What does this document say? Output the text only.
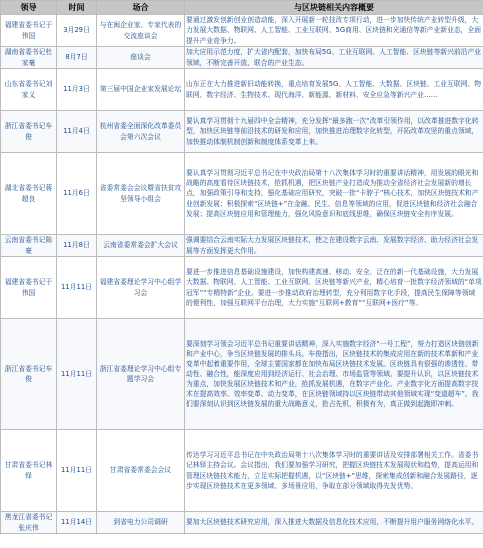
领导	时间	场合	与区块链相关内容概要
福建省委书记于伟国	3月29日	与在闽企业家、专家代表的交流座谈会	要通过激发创新创业创造动能，深入开展新一轮技改专项行动，进一步加快传统产业转型升级，大力发展大数据、物联网、人工智能、工业互联网、5G商用、区块链和光通信等新产业新业态，全面提升产业竞争力。
湖南省委书记杜家毫	8月7日	座谈会	加大应用示范力度，扩大省内配套，加快布局5G、工业互联网、人工智能、区块链等新兴前沿产业领域，不断完善开放、联合的产业生态。
山东省委书记刘家义	11月3日	第三届中国企业家发展论坛	山东正在大力推进新旧动能转换，重点培育发展5G、人工智能、大数据、区块链、工业互联网、物联网、数字经济、生物技术、现代海洋、新能源、新材料、安全应急等新兴产业……
浙江省委书记车俊	11月4日	杭州省委全面深化改革委员会第六次会议	要认真学习贯彻十九届四中全会精神，充分发挥“最多跑一次”改革引领作用，以改革推进数字化转型，加快区块链等前沿技术的研发和应用，加快推进治理数字化转型，开拓改革攻坚的重点领域，加快推动体制机制创新和制度体系变革上来。
湖北省委书记蒋超良	11月6日	省委常委会会议暨省扶贫攻坚领导小组会	要认真学习贯彻习近平总书记在中央政治局第十八次集体学习时的重要讲话精神，用发展的眼光和战略的高度看待区块链技术，抢抓机遇，把区块链产业打造成为推动全省经济社会发展新的增长点，加强政策引导和支持，强化基础应用研究，突破一批“卡脖子”核心技术，加快区块链技术和产业创新发展；积极探索“区块链+”在金融、民生、信息等领域的应用，促进区块链和经济社会融合发展；提高区块链应用和管理能力，强化风险意识和底线思维，确保区块链安全有序发展。
云南省委书记陈豪	11月8日	云南省委常委会扩大会议	强调要结合云南实际大力发展区块链技术，使之在建设数字云南、发展数字经济、助力经济社会发展等方面发挥更大作用。
福建省委书记于伟国	11月11日	福建省委理论学习中心组学习会	要进一步推进信息基础设施建设，加快构建高速、移动、安全、泛在的新一代基础设施，大力发展大数据、物联网、人工智能、工业互联网、区块链等新兴产业，精心培育一批数字经济领域的“单项冠军”“专精特新”企业。要进一步推动政府治理转型，充分利用数字化手段，提高民生保障等领域的便利性，加强互联网平台治理，大力实施“互联网+教育”“互联网+医疗”等。
浙江省委书记车俊	11月11日	浙江省委理论学习中心组专题学习会	要深刻学习领会习近平总书记重要讲话精神，深入实施数字经济“一号工程”，努力打造区块链创新和产业中心，争当区块链发展的排头兵。车俊指出，区块链技术的集成应用在新的技术革新和产业变革中起着重要作用，全球主要国家都在加快布局区块链技术发展。区块链具有很强的渗透性、带动性、融合性，能深度应用到经济运行、社会治理、市场监管等领域。要提升认识，以区块链技术为重点，加快发展区块链技术和产业，抢抓发展机遇，在数字产业化、产业数字化方面提高数字技术在提高效率、效率变革、动力变革，在区块链领域持以区块链带动其他领域实现“变道超车”。我们要深刻认识到区块链发展的重大战略意义，抢占先机、积极有为，真正做到起跑即冲刺。
甘肃省委书记林铎	11月11日	甘肃省委常委会会议	传达学习习近平总书记在中央政治局第十八次集体学习时的重要讲话及安排部署相关工作。省委书记林铎主持会议。会议指出，我们要加强学习研究，把握区块链技术发展现状和趋势，提高运用和管理区块链技术能力，立足实际把握机遇，以“区块链+”思维，探索集成创新和融合发展路径，逐步实现区块链技术在更多领域、多场景应用，争取在部分领域取得先发优势。
黑龙江省委书记张庆伟	11月14日	到省电力公司调研	要加大区块链技术研究应用，深入推进大数据及信息化技术应用，不断提升用户服务网络化水平。
